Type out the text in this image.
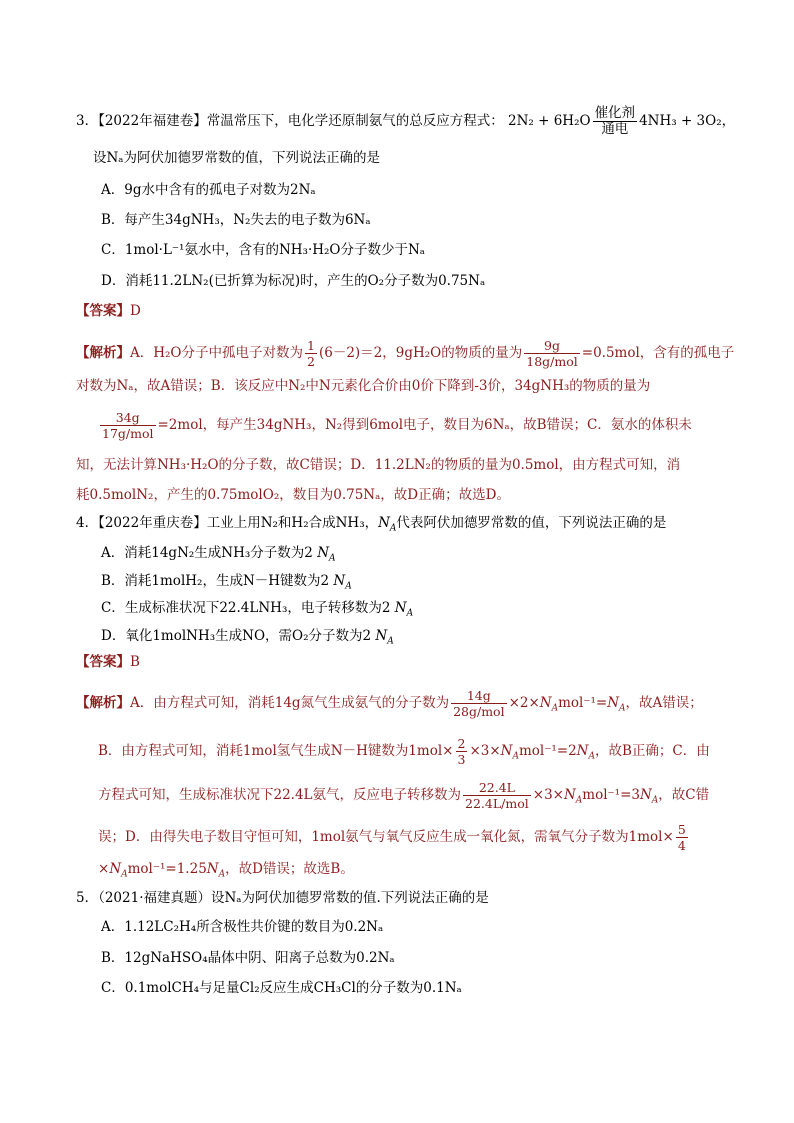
3．【2022年福建卷】常温常压下，电化学还原制氨气的总反应方程式： 2N₂ + 6H₂O 催化剂
通电 4NH₃ + 3O₂，
设Nₐ为阿伏加德罗常数的值，下列说法正确的是
A．9g水中含有的孤电子对数为2Nₐ
B．每产生34gNH₃，N₂失去的电子数为6Nₐ
C．1mol·L⁻¹氨水中，含有的NH₃·H₂O分子数少于Nₐ
D．消耗11.2LN₂(已折算为标况)时，产生的O₂分子数为0.75Nₐ
【答案】D
【解析】A．H₂O分子中孤电子对数为 $\frac{1}{2} (6-2)=2$，9gH₂O的物质的量为 $\frac{9g}{\text{18g/mol}} =0.5mol$，含有的孤电子
对数为Nₐ，故A错误；B．该反应中N₂中N元素化合价由0价下降到-3价，34gNH₃的物质的量为
$\frac{34g}{\text{17g/mol}} =2mol$，每产生34gNH₃，N₂得到6mol电子，数目为6Nₐ，故B错误；C．氨水的体积未
知，无法计算NH₃·H₂O的分子数，故C错误；D．11.2LN₂的物质的量为0.5mol，由方程式可知，消
耗0.5molN₂，产生的0.75molO₂，数目为0.75Nₐ，故D正确；故选D。
4．【2022年重庆卷】工业上用N₂和H₂合成NH₃，$N_A$代表阿伏加德罗常数的值，下列说法正确的是
A．消耗14gN₂生成NH₃分子数为2 $N_A$
B．消耗1molH₂，生成N－H键数为2 $N_A$
C．生成标准状况下22.4LNH₃，电子转移数为2 $N_A$
D．氧化1molNH₃生成NO，需O₂分子数为2 $N_A$
【答案】B
【解析】A．由方程式可知，消耗14g氮气生成氨气的分子数为 $\frac{14g}{\text{28g/mol}} \times 2\times N_Amol^{-1}=N_A$，故A错误；
B．由方程式可知，消耗1mol氢气生成N－H键数为$1mol\times \frac{2}{3} \times 3\times N_Amol^{-1}=2N_A$，故B正确；C．由
方程式可知，生成标准状况下22.4L氨气，反应电子转移数为 $\frac{22.4L}{\text{22.4L/mol}} \times 3\times N_Amol^{-1}=3N_A$，故C错
误；D．由得失电子数目守恒可知，1mol氨气与氧气反应生成一氧化氮，需氧气分子数为$1mol\times \frac{5}{4}$
$\times N_Amol^{-1}=1.25N_A$，故D错误；故选B。
5．（2021·福建真题）设Nₐ为阿伏加德罗常数的值.下列说法正确的是
A．1.12LC₂H₄所含极性共价键的数目为0.2Nₐ
B．12gNaHSO₄晶体中阴、阳离子总数为0.2Nₐ
C．0.1molCH₄与足量Cl₂反应生成CH₃Cl的分子数为0.1Nₐ
